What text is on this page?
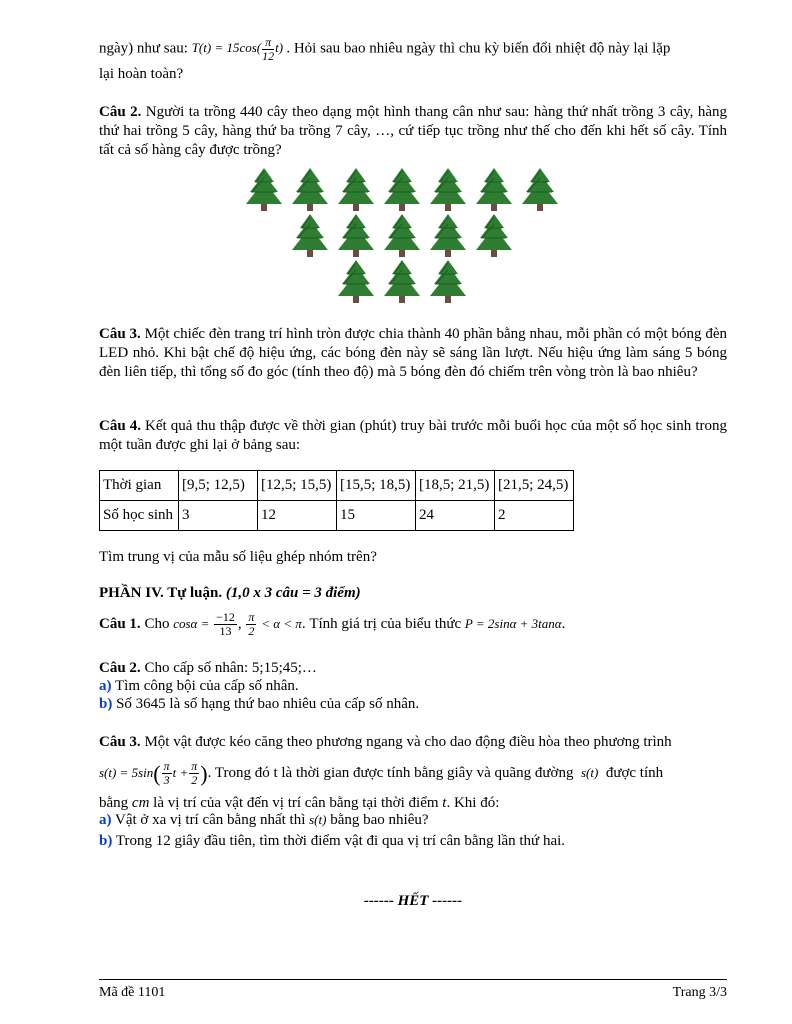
ngày) như sau: $T(t) = 15\cos( \frac{\pi}{12} t)$ . Hỏi sau bao nhiêu ngày thì chu kỳ biến đổi nhiệt độ này lại lặp
lại hoàn toàn?

Câu 2. Người ta trồng 440 cây theo dạng một hình thang cân như sau: hàng thứ nhất trồng 3 cây, hàng thứ hai trồng 5 cây, hàng thứ ba trồng 7 cây, …, cứ tiếp tục trồng như thế cho đến khi hết số cây. Tính tất cả số hàng cây được trồng?

Câu 3. Một chiếc đèn trang trí hình tròn được chia thành 40 phần bằng nhau, mỗi phần có một bóng đèn LED nhỏ. Khi bật chế độ hiệu ứng, các bóng đèn này sẽ sáng lần lượt. Nếu hiệu ứng làm sáng 5 bóng đèn liên tiếp, thì tổng số đo góc (tính theo độ) mà 5 bóng đèn đó chiếm trên vòng tròn là bao nhiêu?

Câu 4. Kết quả thu thập được về thời gian (phút) truy bài trước mỗi buổi học của một số học sinh trong một tuần được ghi lại ở bảng sau:

Thời gian	[9,5; 12,5)	[12,5; 15,5)	[15,5; 18,5)	[18,5; 21,5)	[21,5; 24,5)
Số học sinh	3	12	15	24	2
Tìm trung vị của mẫu số liệu ghép nhóm trên?
PHẦN IV. Tự luận. (1,0 x 3 câu = 3 điểm)
Câu 1. Cho $\cos\alpha = \frac{-12}{13}$ , $\frac{\pi}{2} < \alpha < \pi$. Tính giá trị của biểu thức P = 2sinα + 3tanα.
Câu 2. Cho cấp số nhân: 5;15;45;…
a) Tìm công bội của cấp số nhân.
b) Số 3645 là số hạng thứ bao nhiêu của cấp số nhân.
Câu 3. Một vật được kéo căng theo phương ngang và cho dao động điều hòa theo phương trình
$s(t) = 5\sin( \frac{\pi}{3}$ $t + \frac{\pi}{2}$ ). Trong đó t là thời gian được tính bằng giây và quãng đường s(t) được tính
bằng cm là vị trí của vật đến vị trí cân bằng tại thời điểm t. Khi đó:
a) Vật ở xa vị trí cân bằng nhất thì s(t) bằng bao nhiêu?
b) Trong 12 giây đầu tiên, tìm thời điểm vật đi qua vị trí cân bằng lần thứ hai.
------ HẾT ------
Mã đề 1101	Trang 3/3
